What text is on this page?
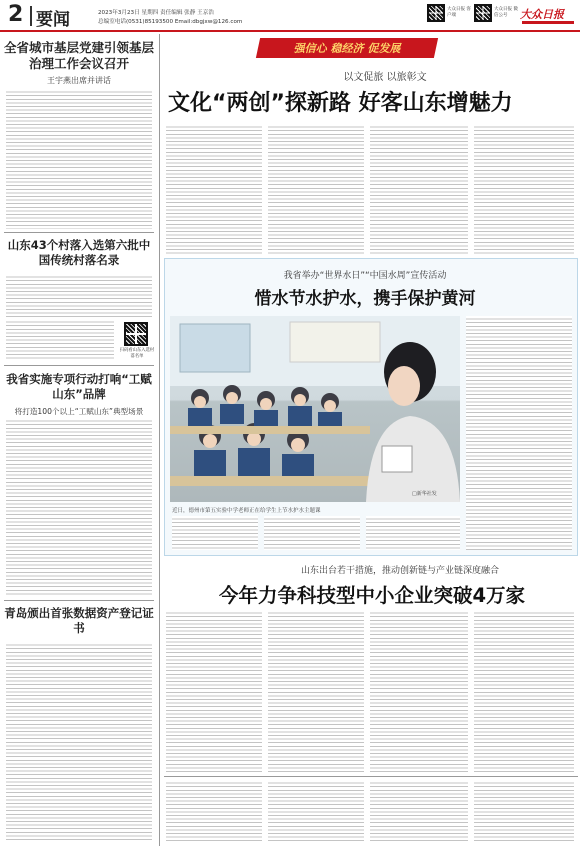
2 要闻	2023年3月23日 星期四 责任编辑 张静 王京浩
总编室电话(0531)85193500 Email:dbgjxw@126.com
大众日报 客户端
大众日报 微信公号	大众日报
全省城市基层党建引领基层治理工作会议召开
王宇燕出席并讲话
山东43个村落入选第六批中国传统村落名录
扫码看山东入选村落名单
我省实施专项行动打响“工赋山东”品牌
将打造100个以上“工赋山东”典型场景
青岛颁出首张数据资产登记证书
强信心 稳经济 促发展
以文促旅 以旅彰文
文化“两创”探新路 好客山东增魅力
我省举办“世界水日”“中国水周”宣传活动
惜水节水护水，携手保护黄河
近日，德州市第五实验中学老师正在给学生上节水护水主题课
□新华社发
山东出台若干措施，推动创新链与产业链深度融合
今年力争科技型中小企业突破4万家
